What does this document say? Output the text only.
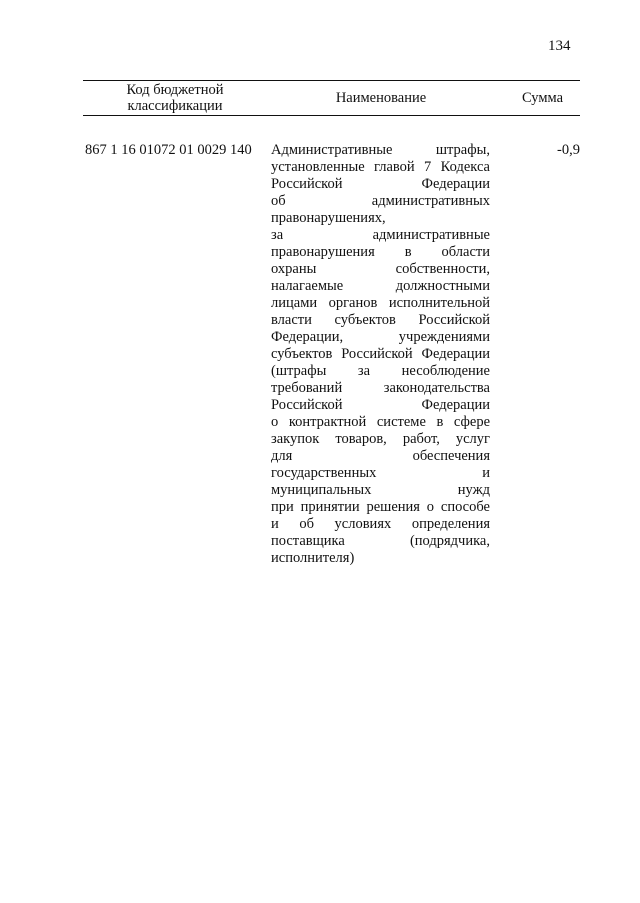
134
Код бюджетной
классификации	Наименование	Сумма
867 1 16 01072 01 0029 140 Административные штрафы,
установленные главой 7 Кодекса
Российской Федерации
об административных
правонарушениях,
за административные
правонарушения в области
охраны собственности,
налагаемые должностными
лицами органов исполнительной
власти субъектов Российской
Федерации, учреждениями
субъектов Российской Федерации
(штрафы за несоблюдение
требований законодательства
Российской Федерации
о контрактной системе в сфере
закупок товаров, работ, услуг
для обеспечения
государственных и
муниципальных нужд
при принятии решения о способе
и об условиях определения
поставщика (подрядчика,
исполнителя)
-0,9
